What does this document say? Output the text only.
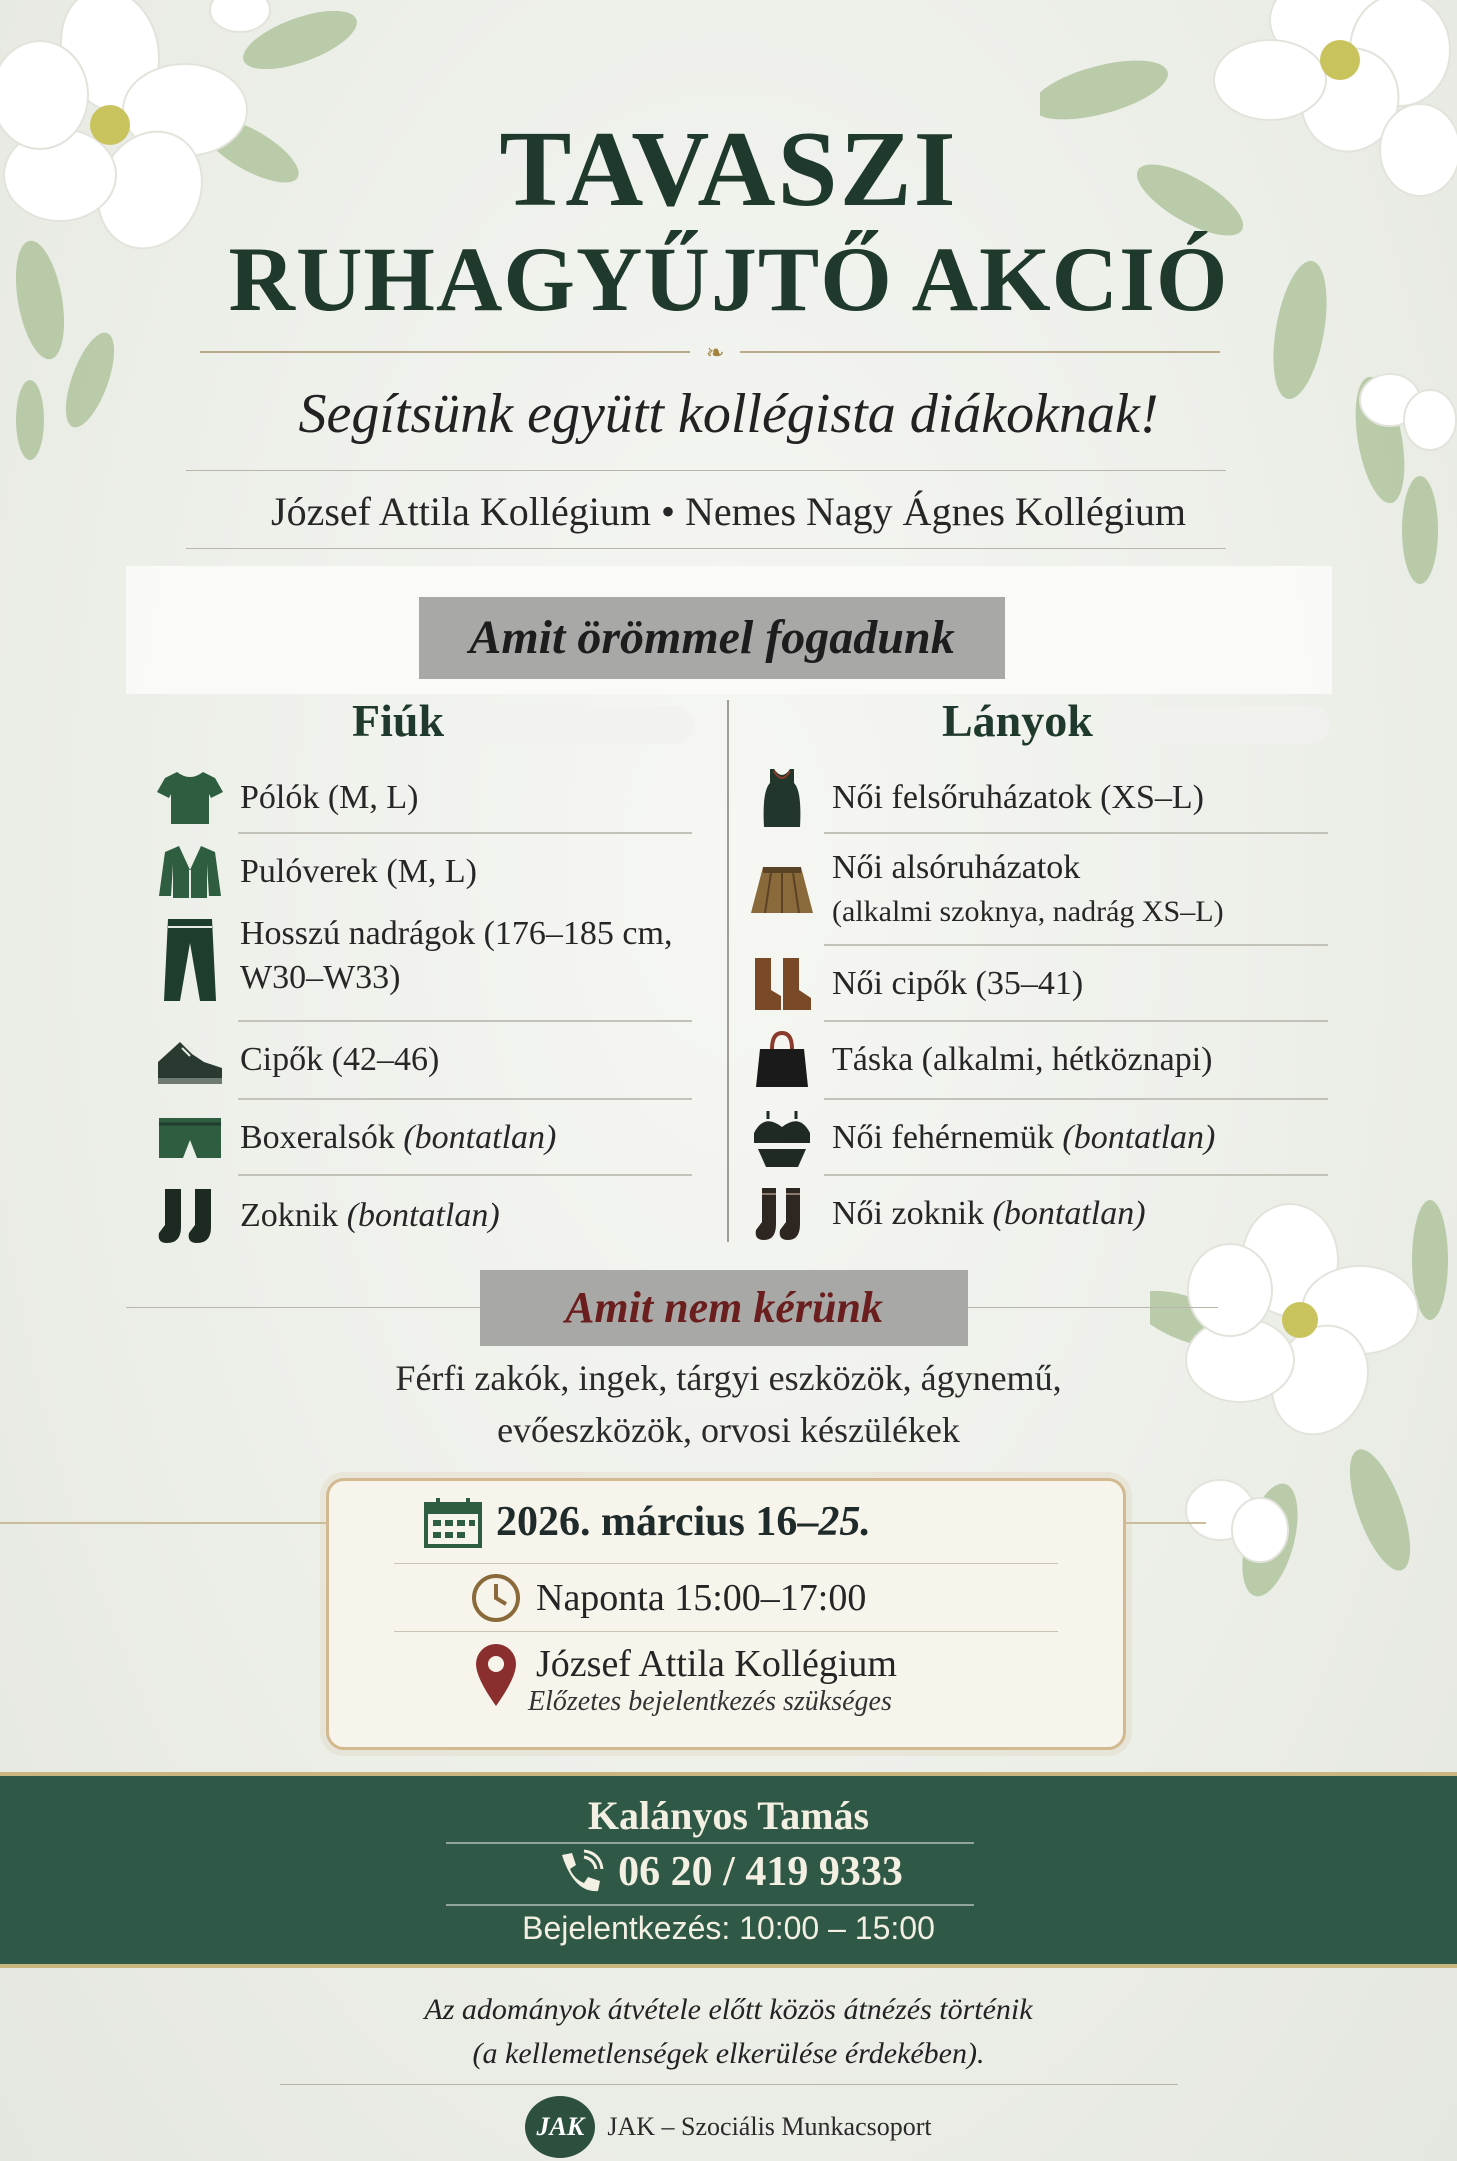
TAVASZI
RUHAGYŰJTŐ AKCIÓ
❧
Segítsünk együtt kollégista diákoknak!
József Attila Kollégium • Nemes Nagy Ágnes Kollégium
Amit örömmel fogadunk
Fiúk	Lányok
Pólók (M, L)
Pulóverek (M, L)
Hosszú nadrágok (176–185 cm,
W30–W33)
Cipők (42–46)
Boxeralsók (bontatlan)
Zoknik (bontatlan)
Női felsőruházatok (XS–L)
Női alsóruházatok
(alkalmi szoknya, nadrág XS–L)
Női cipők (35–41)
Táska (alkalmi, hétköznapi)
Női fehérnemük (bontatlan)
Női zoknik (bontatlan)
Amit nem kérünk
Férfi zakók, ingek, tárgyi eszközök, ágynemű,
evőeszközök, orvosi készülékek
2026. március 16–25.
Naponta 15:00–17:00
József Attila Kollégium
Előzetes bejelentkezés szükséges
Kalányos Tamás
06 20 / 419 9333
Bejelentkezés: 10:00 – 15:00
Az adományok átvétele előtt közös átnézés történik
(a kellemetlenségek elkerülése érdekében).
JAK JAK – Szociális Munkacsoport
